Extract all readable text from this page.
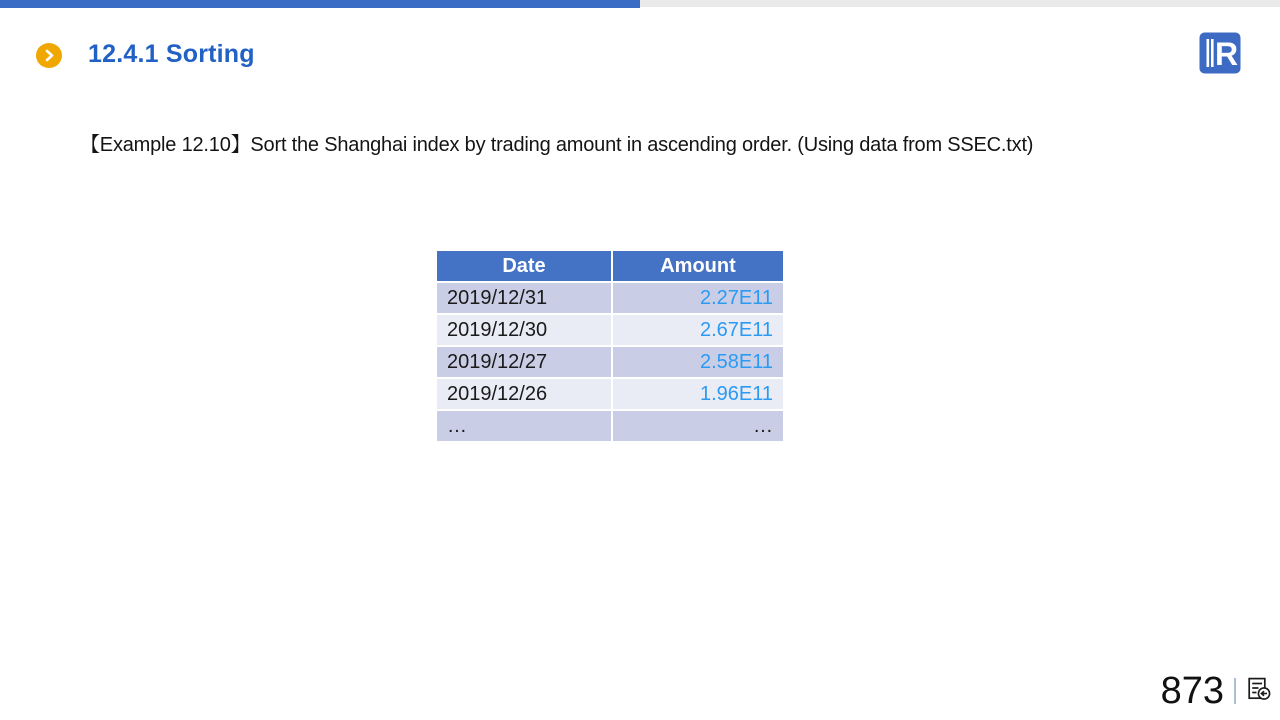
12.4.1 Sorting	R

【Example 12.10】Sort the Shanghai index by trading amount in ascending order. (Using data from SSEC.txt)

Date	Amount
2019/12/31	2.27E11
2019/12/30	2.67E11
2019/12/27	2.58E11
2019/12/26	1.96E11
…	…
873
